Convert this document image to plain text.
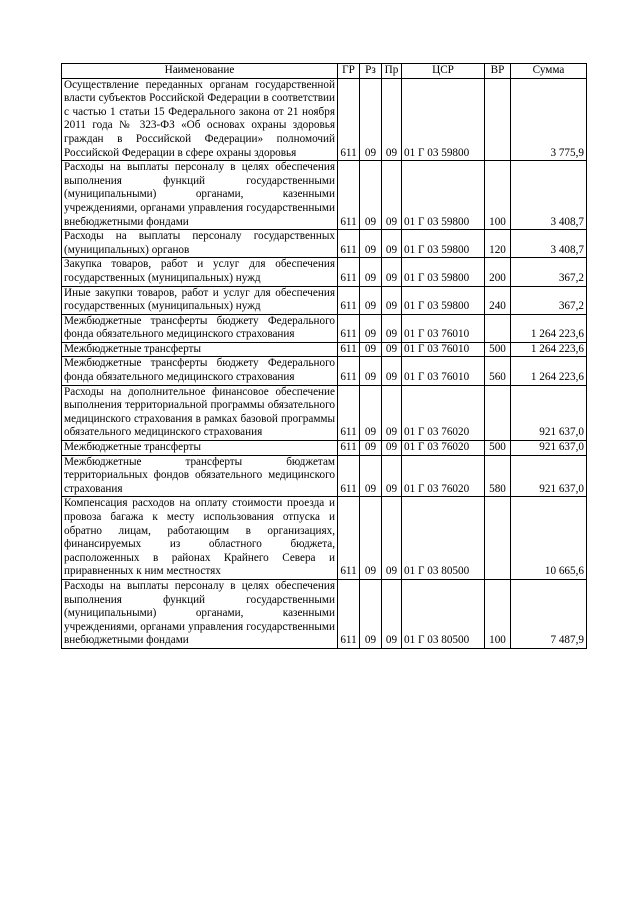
Наименование	ГР	Рз	Пр	ЦСР	ВР	Сумма
Осуществление переданных органам государственной власти субъектов Российской Федерации в соответствии с частью 1 статьи 15 Федерального закона от 21 ноября 2011 года № 323-ФЗ «Об основах охраны здоровья граждан в Российской Федерации» полномочий Российской Федерации в сфере охраны здоровья	611	09	09	01 Г 03 59800		3 775,9
Расходы на выплаты персоналу в целях обеспечения выполнения функций государственными (муниципальными) органами, казенными учреждениями, органами управления государственными внебюджетными фондами	611	09	09	01 Г 03 59800	100	3 408,7
Расходы на выплаты персоналу государственных (муниципальных) органов	611	09	09	01 Г 03 59800	120	3 408,7
Закупка товаров, работ и услуг для обеспечения государственных (муниципальных) нужд	611	09	09	01 Г 03 59800	200	367,2
Иные закупки товаров, работ и услуг для обеспечения государственных (муниципальных) нужд	611	09	09	01 Г 03 59800	240	367,2
Межбюджетные трансферты бюджету Федерального фонда обязательного медицинского страхования	611	09	09	01 Г 03 76010		1 264 223,6
Межбюджетные трансферты	611	09	09	01 Г 03 76010	500	1 264 223,6
Межбюджетные трансферты бюджету Федерального фонда обязательного медицинского страхования	611	09	09	01 Г 03 76010	560	1 264 223,6
Расходы на дополнительное финансовое обеспечение выполнения территориальной программы обязательного медицинского страхования в рамках базовой программы обязательного медицинского страхования	611	09	09	01 Г 03 76020		921 637,0
Межбюджетные трансферты	611	09	09	01 Г 03 76020	500	921 637,0
Межбюджетные трансферты бюджетам территориальных фондов обязательного медицинского страхования	611	09	09	01 Г 03 76020	580	921 637,0
Компенсация расходов на оплату стоимости проезда и провоза багажа к месту использования отпуска и обратно лицам, работающим в организациях, финансируемых из областного бюджета, расположенных в районах Крайнего Севера и приравненных к ним местностях	611	09	09	01 Г 03 80500		10 665,6
Расходы на выплаты персоналу в целях обеспечения выполнения функций государственными (муниципальными) органами, казенными учреждениями, органами управления государственными внебюджетными фондами	611	09	09	01 Г 03 80500	100	7 487,9
